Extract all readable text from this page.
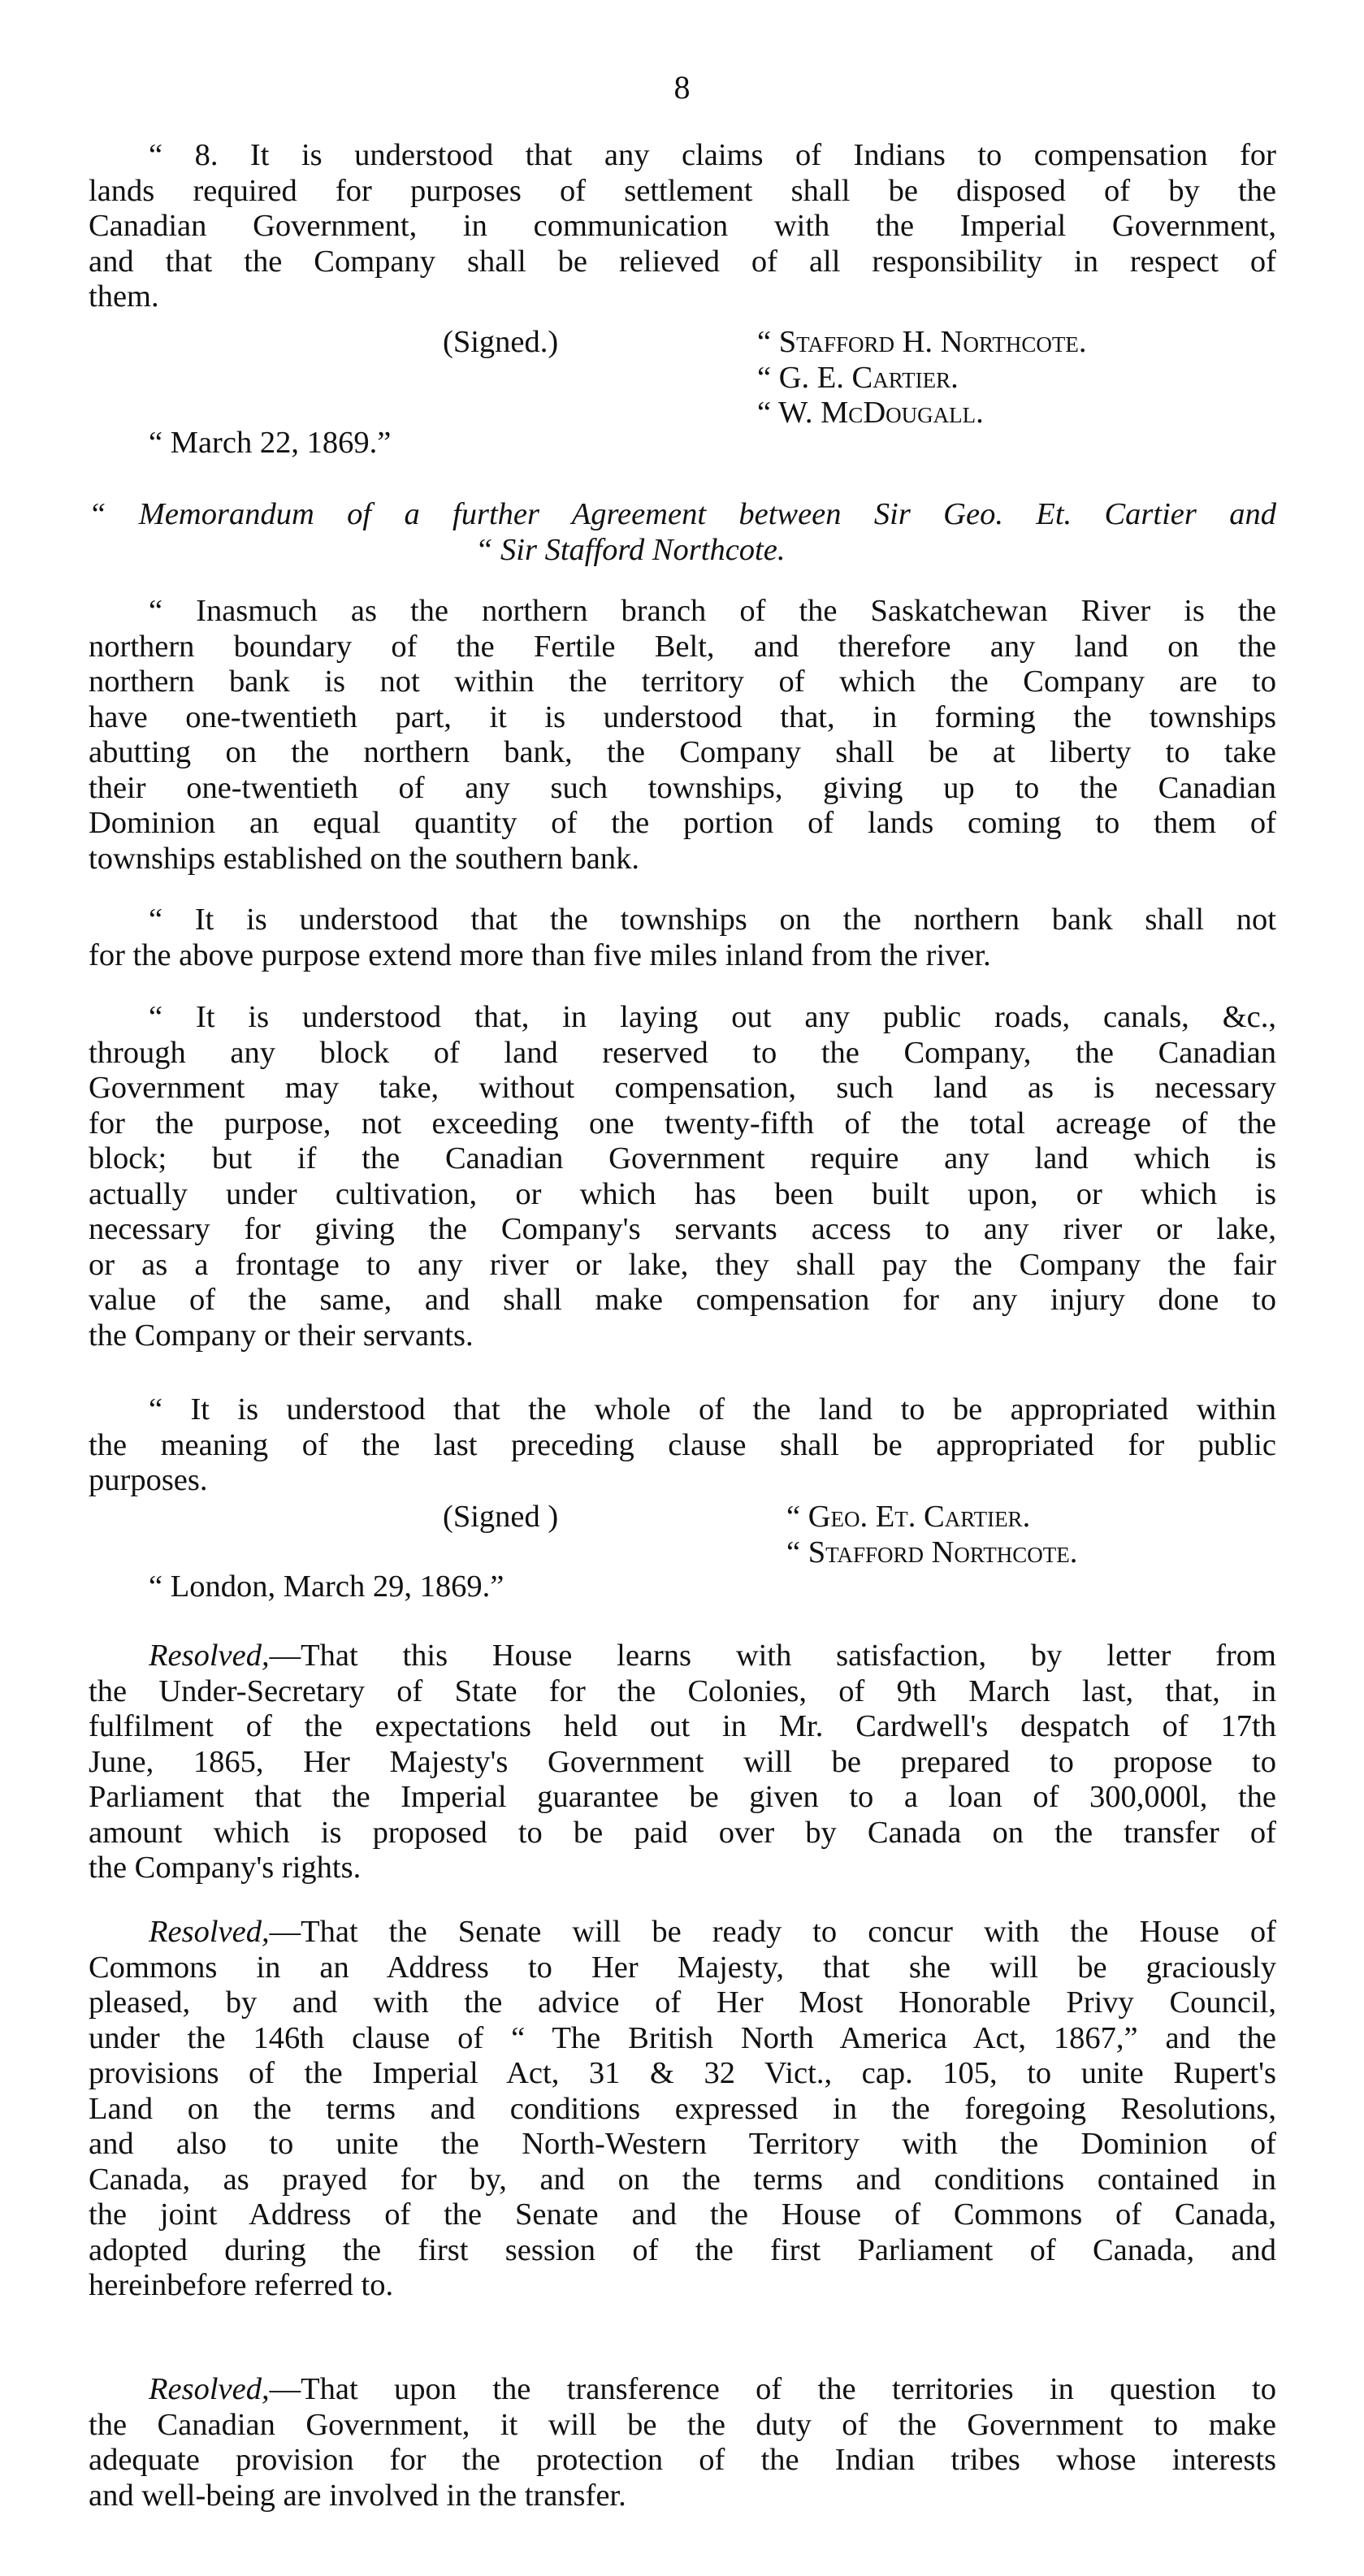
8

“ 8. It is understood that any claims of Indians to compensation for

lands required for purposes of settlement shall be disposed of by the

Canadian Government, in communication with the Imperial Government,

and that the Company shall be relieved of all responsibility in respect of

them.

(Signed.)	“ Stafford H. Northcote.
“ G. E. Cartier.
“ W. McDougall.
“ March 22, 1869.”

“ Memorandum of a further Agreement between Sir Geo. Et. Cartier and

“ Sir Stafford Northcote.

“ Inasmuch as the northern branch of the Saskatchewan River is the

northern boundary of the Fertile Belt, and therefore any land on the

northern bank is not within the territory of which the Company are to

have one-twentieth part, it is understood that, in forming the townships

abutting on the northern bank, the Company shall be at liberty to take

their one-twentieth of any such townships, giving up to the Canadian

Dominion an equal quantity of the portion of lands coming to them of

townships established on the southern bank.

“ It is understood that the townships on the northern bank shall not

for the above purpose extend more than five miles inland from the river.

“ It is understood that, in laying out any public roads, canals, &c.,

through any block of land reserved to the Company, the Canadian

Government may take, without compensation, such land as is necessary

for the purpose, not exceeding one twenty-fifth of the total acreage of the

block; but if the Canadian Government require any land which is

actually under cultivation, or which has been built upon, or which is

necessary for giving the Company's servants access to any river or lake,

or as a frontage to any river or lake, they shall pay the Company the fair

value of the same, and shall make compensation for any injury done to

the Company or their servants.

“ It is understood that the whole of the land to be appropriated within

the meaning of the last preceding clause shall be appropriated for public

purposes.

(Signed )	“ Geo. Et. Cartier.
“ Stafford Northcote.
“ London, March 29, 1869.”

Resolved,—That this House learns with satisfaction, by letter from

the Under-Secretary of State for the Colonies, of 9th March last, that, in

fulfilment of the expectations held out in Mr. Cardwell's despatch of 17th

June, 1865, Her Majesty's Government will be prepared to propose to

Parliament that the Imperial guarantee be given to a loan of 300,000l, the

amount which is proposed to be paid over by Canada on the transfer of

the Company's rights.

Resolved,—That the Senate will be ready to concur with the House of

Commons in an Address to Her Majesty, that she will be graciously

pleased, by and with the advice of Her Most Honorable Privy Council,

under the 146th clause of “ The British North America Act, 1867,” and the

provisions of the Imperial Act, 31 & 32 Vict., cap. 105, to unite Rupert's

Land on the terms and conditions expressed in the foregoing Resolutions,

and also to unite the North-Western Territory with the Dominion of

Canada, as prayed for by, and on the terms and conditions contained in

the joint Address of the Senate and the House of Commons of Canada,

adopted during the first session of the first Parliament of Canada, and

hereinbefore referred to.

Resolved,—That upon the transference of the territories in question to

the Canadian Government, it will be the duty of the Government to make

adequate provision for the protection of the Indian tribes whose interests

and well-being are involved in the transfer.
